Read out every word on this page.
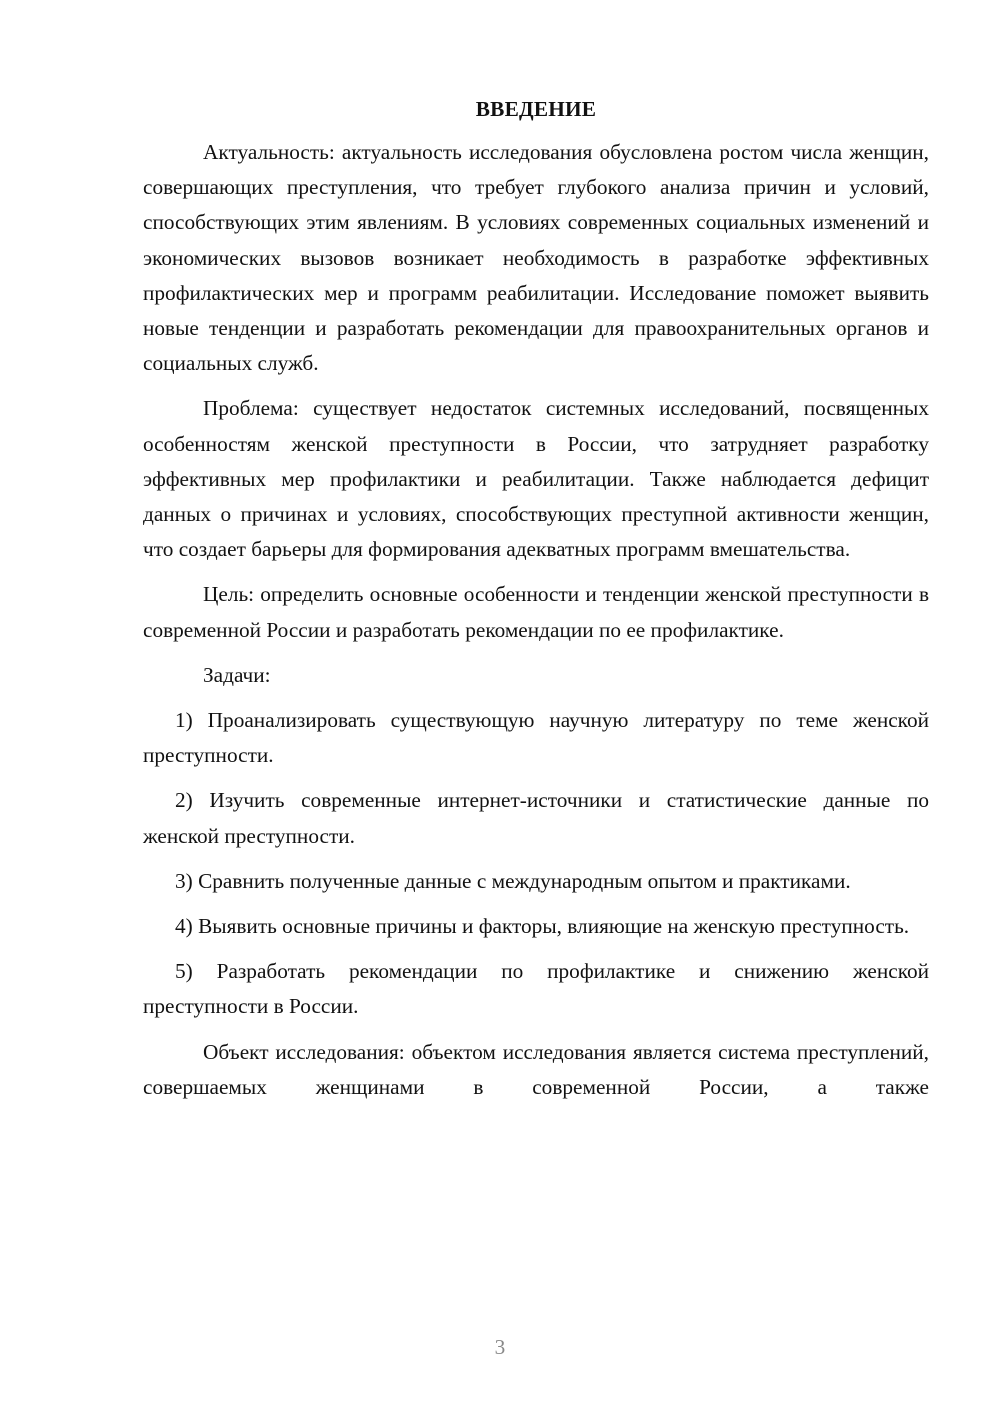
ВВЕДЕНИЕ

Актуальность: актуальность исследования обусловлена ростом числа женщин, совершающих преступления, что требует глубокого анализа причин и условий, способствующих этим явлениям. В условиях современных социальных изменений и экономических вызовов возникает необходимость в разработке эффективных профилактических мер и программ реабилитации. Исследование поможет выявить новые тенденции и разработать рекомендации для правоохранительных органов и социальных служб.

Проблема: существует недостаток системных исследований, посвященных особенностям женской преступности в России, что затрудняет разработку эффективных мер профилактики и реабилитации. Также наблюдается дефицит данных о причинах и условиях, способствующих преступной активности женщин, что создает барьеры для формирования адекватных программ вмешательства.

Цель: определить основные особенности и тенденции женской преступности в современной России и разработать рекомендации по ее профилактике.

Задачи:

1) Проанализировать существующую научную литературу по теме женской преступности.

2) Изучить современные интернет-источники и статистические данные по женской преступности.

3) Сравнить полученные данные с международным опытом и практиками.

4) Выявить основные причины и факторы, влияющие на женскую преступность.

5) Разработать рекомендации по профилактике и снижению женской преступности в России.

Объект исследования: объектом исследования является система преступлений, совершаемых женщинами в современной России, а также

3
